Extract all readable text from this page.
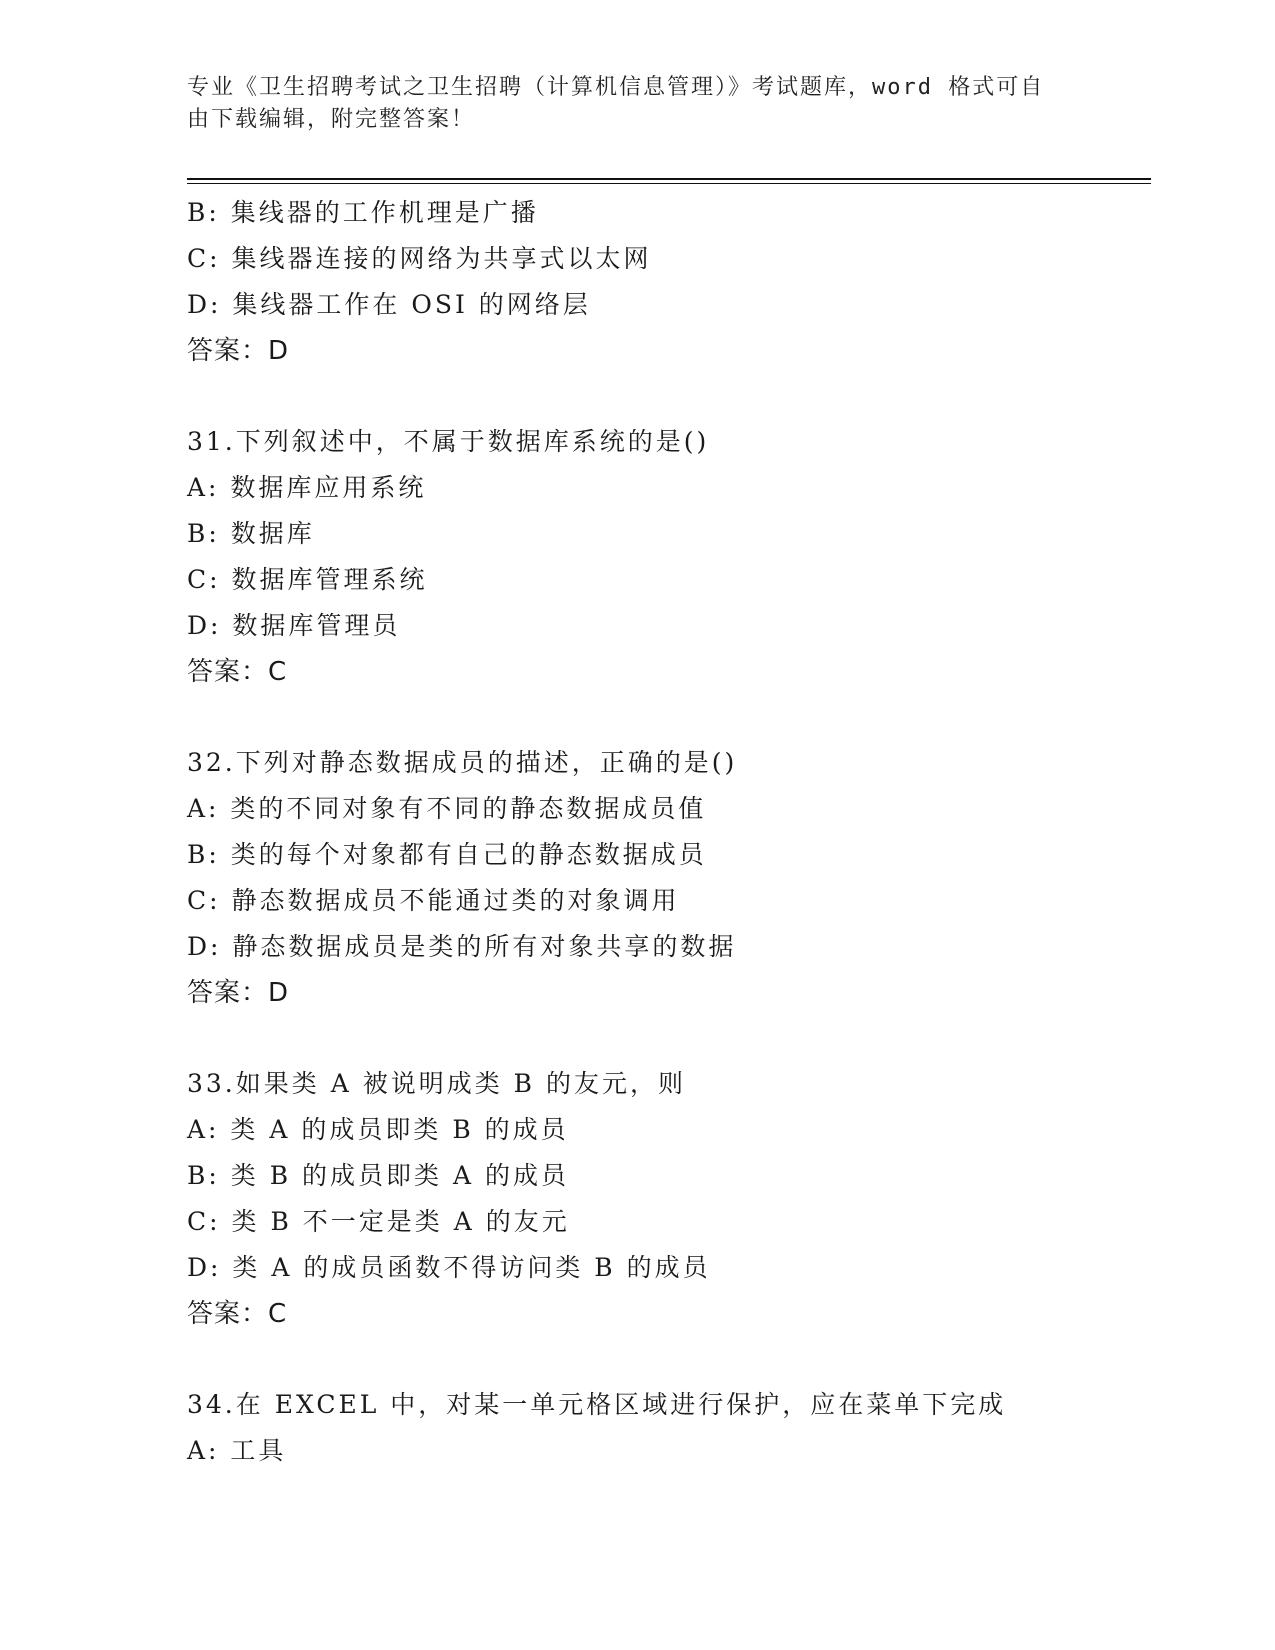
专业《卫生招聘考试之卫生招聘（计算机信息管理）》考试题库，word 格式可自
由下载编辑，附完整答案！
B: 集线器的工作机理是广播
C: 集线器连接的网络为共享式以太网
D: 集线器工作在 OSI 的网络层
答案：D
31.下列叙述中，不属于数据库系统的是()
A: 数据库应用系统
B: 数据库
C: 数据库管理系统
D: 数据库管理员
答案：C
32.下列对静态数据成员的描述，正确的是()
A: 类的不同对象有不同的静态数据成员值
B: 类的每个对象都有自己的静态数据成员
C: 静态数据成员不能通过类的对象调用
D: 静态数据成员是类的所有对象共享的数据
答案：D
33.如果类 A 被说明成类 B 的友元，则
A: 类 A 的成员即类 B 的成员
B: 类 B 的成员即类 A 的成员
C: 类 B 不一定是类 A 的友元
D: 类 A 的成员函数不得访问类 B 的成员
答案：C
34.在 EXCEL 中，对某一单元格区域进行保护，应在菜单下完成
A: 工具
